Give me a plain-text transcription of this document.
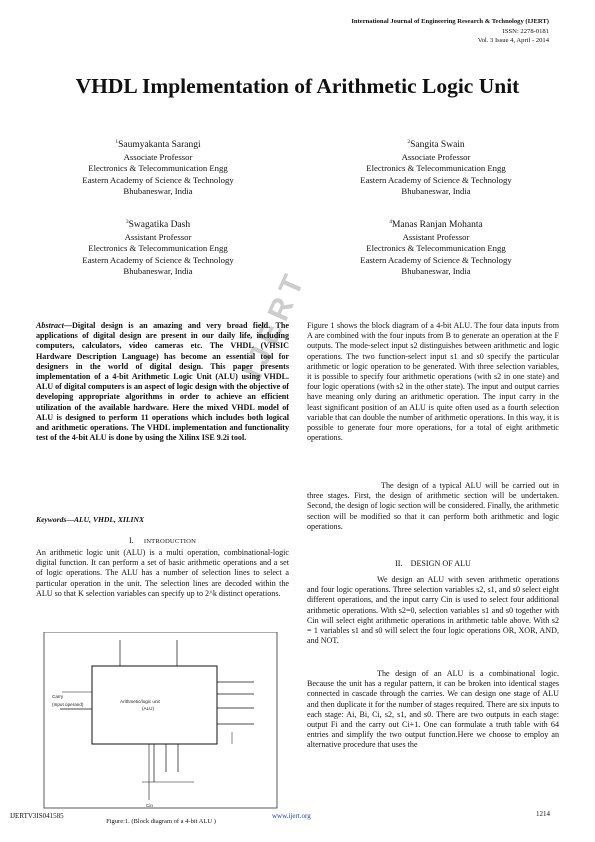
International Journal of Engineering Research & Technology (IJERT)
ISSN: 2278-0181
Vol. 3 Issue 4, April - 2014
VHDL Implementation of Arithmetic Logic Unit
$^1$Saumyakanta Sarangi
Associate Professor
Electronics & Telecommunication Engg
Eastern Academy of Science & Technology
Bhubaneswar, India
$^2$Sangita Swain
Associate Professor
Electronics & Telecommunication Engg
Eastern Academy of Science & Technology
Bhubaneswar, India
$^3$Swagatika Dash
Assistant Professor
Electronics & Telecommunication Engg
Eastern Academy of Science & Technology
Bhubaneswar, India
$^4$Manas Ranjan Mohanta
Assistant Professor
Electronics & Telecommunication Engg
Eastern Academy of Science & Technology
Bhubaneswar, India
IJERT
Abstract—Digital design is an amazing and very broad field. The applications of digital design are present in our daily life, including computers, calculators, video cameras etc. The VHDL (VHSIC Hardware Description Language) has become an essential tool for designers in the world of digital design. This paper presents implementation of a 4-bit Arithmetic Logic Unit (ALU) using VHDL. ALU of digital computers is an aspect of logic design with the objective of developing appropriate algorithms in order to achieve an efficient utilization of the available hardware. Here the mixed VHDL model of ALU is designed to perform 11 operations which includes both logical and arithmetic operations. The VHDL implementation and functionality test of the 4-bit ALU is done by using the Xilinx ISE 9.2i tool.
Keywords—ALU, VHDL, XILINX
I. INTRODUCTION
An arithmetic logic unit (ALU) is a multi operation, combinational-logic digital function. It can perform a set of basic arithmetic operations and a set of logic operations. The ALU has a number of selection lines to select a particular operation in the unit. The selection lines are decoded within the ALU so that K selection variables can specify up to 2^k distinct operations.
Arithmetic/logic unit
(ALU)
Carry
(Input operand)
Cin
Figure:1. (Block diagram of a 4-bit ALU )
Figure 1 shows the block diagram of a 4-bit ALU. The four data inputs from A are combined with the four inputs from B to generate an operation at the F outputs. The mode-select input s2 distinguishes between arithmetic and logic operations. The two function-select input s1 and s0 specify the particular arithmetic or logic operation to be generated. With three selection variables, it is possible to specify four arithmetic operations (with s2 in one state) and four logic operations (with s2 in the other state). The input and output carries have meaning only during an arithmetic operation. The input carry in the least significant position of an ALU is quite often used as a fourth selection variable that can double the number of arithmetic operations. In this way, it is possible to generate four more operations, for a total of eight arithmetic operations.
The design of a typical ALU will be carried out in three stages. First, the design of arithmetic section will be undertaken. Second, the design of logic section will be considered. Finally, the arithmetic section will be modified so that it can perform both arithmetic and logic operations.
II. DESIGN OF ALU
We design an ALU with seven arithmetic operations and four logic operations. Three selection variables s2, s1, and s0 select eight different operations, and the input carry Cin is used to select four additional arithmetic operations. With s2=0, selection variables s1 and s0 together with Cin will select eight arithmetic operations in arithmetic table above. With s2 = 1 variables s1 and s0 will select the four logic operations OR, XOR, AND, and NOT.
The design of an ALU is a combinational logic. Because the unit has a regular pattern, it can be broken into identical stages connected in cascade through the carries. We can design one stage of ALU and then duplicate it for the number of stages required. There are six inputs to each stage: Ai, Bi, Ci, s2, s1, and s0. There are two outputs in each stage: output Fi and the carry out Ci+1. One can formulate a truth table with 64 entries and simplify the two output function.Here we choose to employ an alternative procedure that uses the
IJERTV3IS041585	www.ijert.org	1214
